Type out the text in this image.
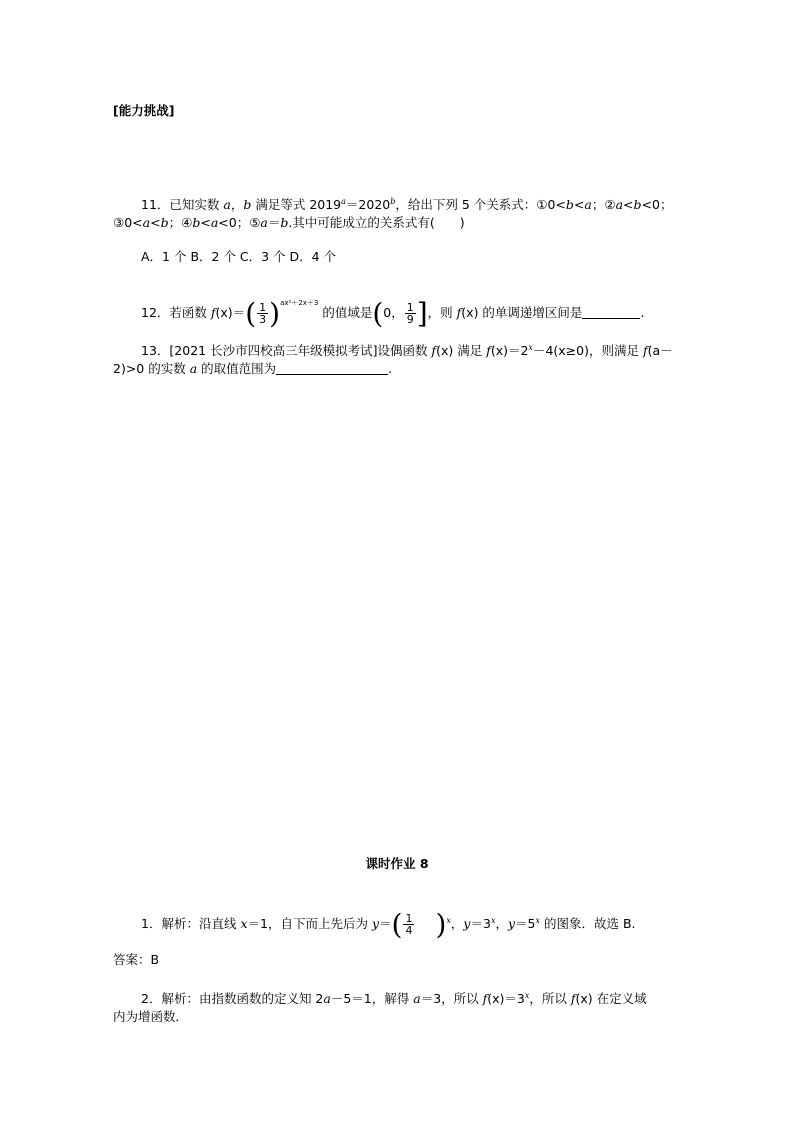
[能力挑战]
11．已知实数 a，b 满足等式 $2019^a=2020^b$，给出下列 5 个关系式：①0<b<a；②a<b<0；
③0<a<b；④b<a<0；⑤a＝b.其中可能成立的关系式有(　　)
A．1 个 B．2 个 C．3 个 D．4 个
12．若函数 $f(x)=( \frac{1}{3} )^{ax^2+2x+3}$ 的值域是(0， $\frac{1}{9}$ ]，则 f(x) 的单调递增区间是	.
13．[2021 长沙市四校高三年级模拟考试]设偶函数 f(x) 满足 $f(x)=2^x-4(x\ge 0)$，则满足 f(a－
2)>0 的实数 a 的取值范围为	.
课时作业 8
1．解析：沿直线 x＝1，自下而上先后为 $y=( \frac{1}{4} )^x$，$y=3^x$，$y=5^x$ 的图象．故选 B.
答案：B
2．解析：由指数函数的定义知 2a－5＝1，解得 a＝3，所以 $f(x)=3^x$，所以 f(x) 在定义域
内为增函数．
